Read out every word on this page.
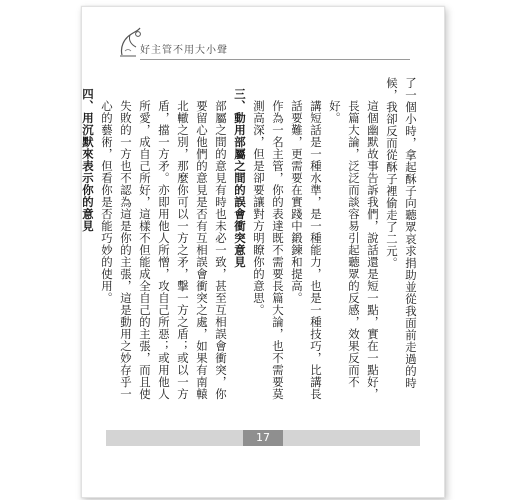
好主管不用大小聲

了一個小時，拿起酥子向聽眾哀求捐助並從我面前走過的時候，我卻反而從酥子裡偷走了二元。

這個幽默故事告訴我們，說話還是短一點，實在一點好，長篇大論，泛泛而談容易引起聽眾的反感，效果反而不好。

講短話是一種水準，是一種能力，也是一種技巧，比講長話要難，更需要在實踐中鍛鍊和提高。

作為一名主管，你的表達既不需要長篇大論，也不需要莫測高深，但是卻要讓對方明瞭你的意思。

三、動用部屬之間的誤會衝突意見

部屬之間的意見有時也未必一致，甚至互相誤會衝突，你要留心他們的意見是否有互相誤會衝突之處，如果有南轅北轍之別，那麼你可以一方之矛，擊一方之盾；或以一方盾，擋一方矛。亦即用他人所憎，攻自己所惡；或用他人所愛，成自己所好，這樣不但能成全自己的主張，而且使失敗的一方也不認為這是你的主張，這是動用之妙存乎一心的藝術，但看你是否能巧妙的使用。

四、用沉默來表示你的意見

17
